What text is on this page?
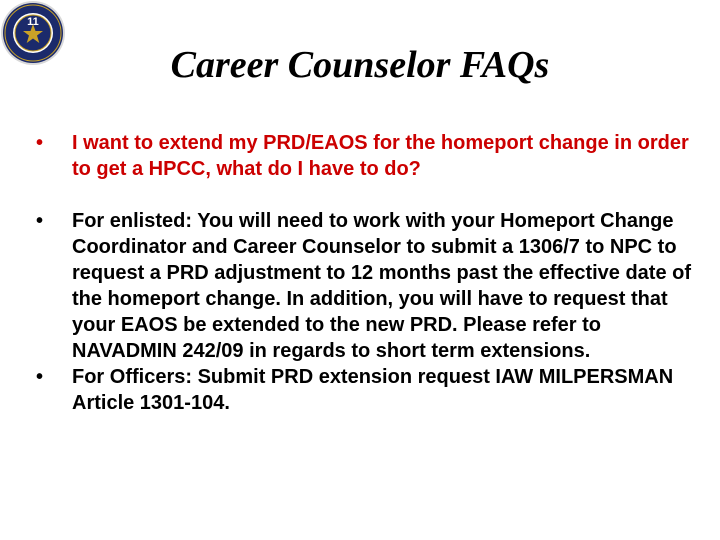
11
Career Counselor FAQs
•	I want to extend my PRD/EAOS for the homeport change in order to get a HPCC, what do I have to do?
•	For enlisted: You will need to work with your Homeport Change Coordinator and Career Counselor to submit a 1306/7 to NPC to request a PRD adjustment to 12 months past the effective date of the homeport change. In addition, you will have to request that your EAOS be extended to the new PRD. Please refer to NAVADMIN 242/09 in regards to short term extensions.
•	For Officers: Submit PRD extension request IAW MILPERSMAN Article 1301-104.
